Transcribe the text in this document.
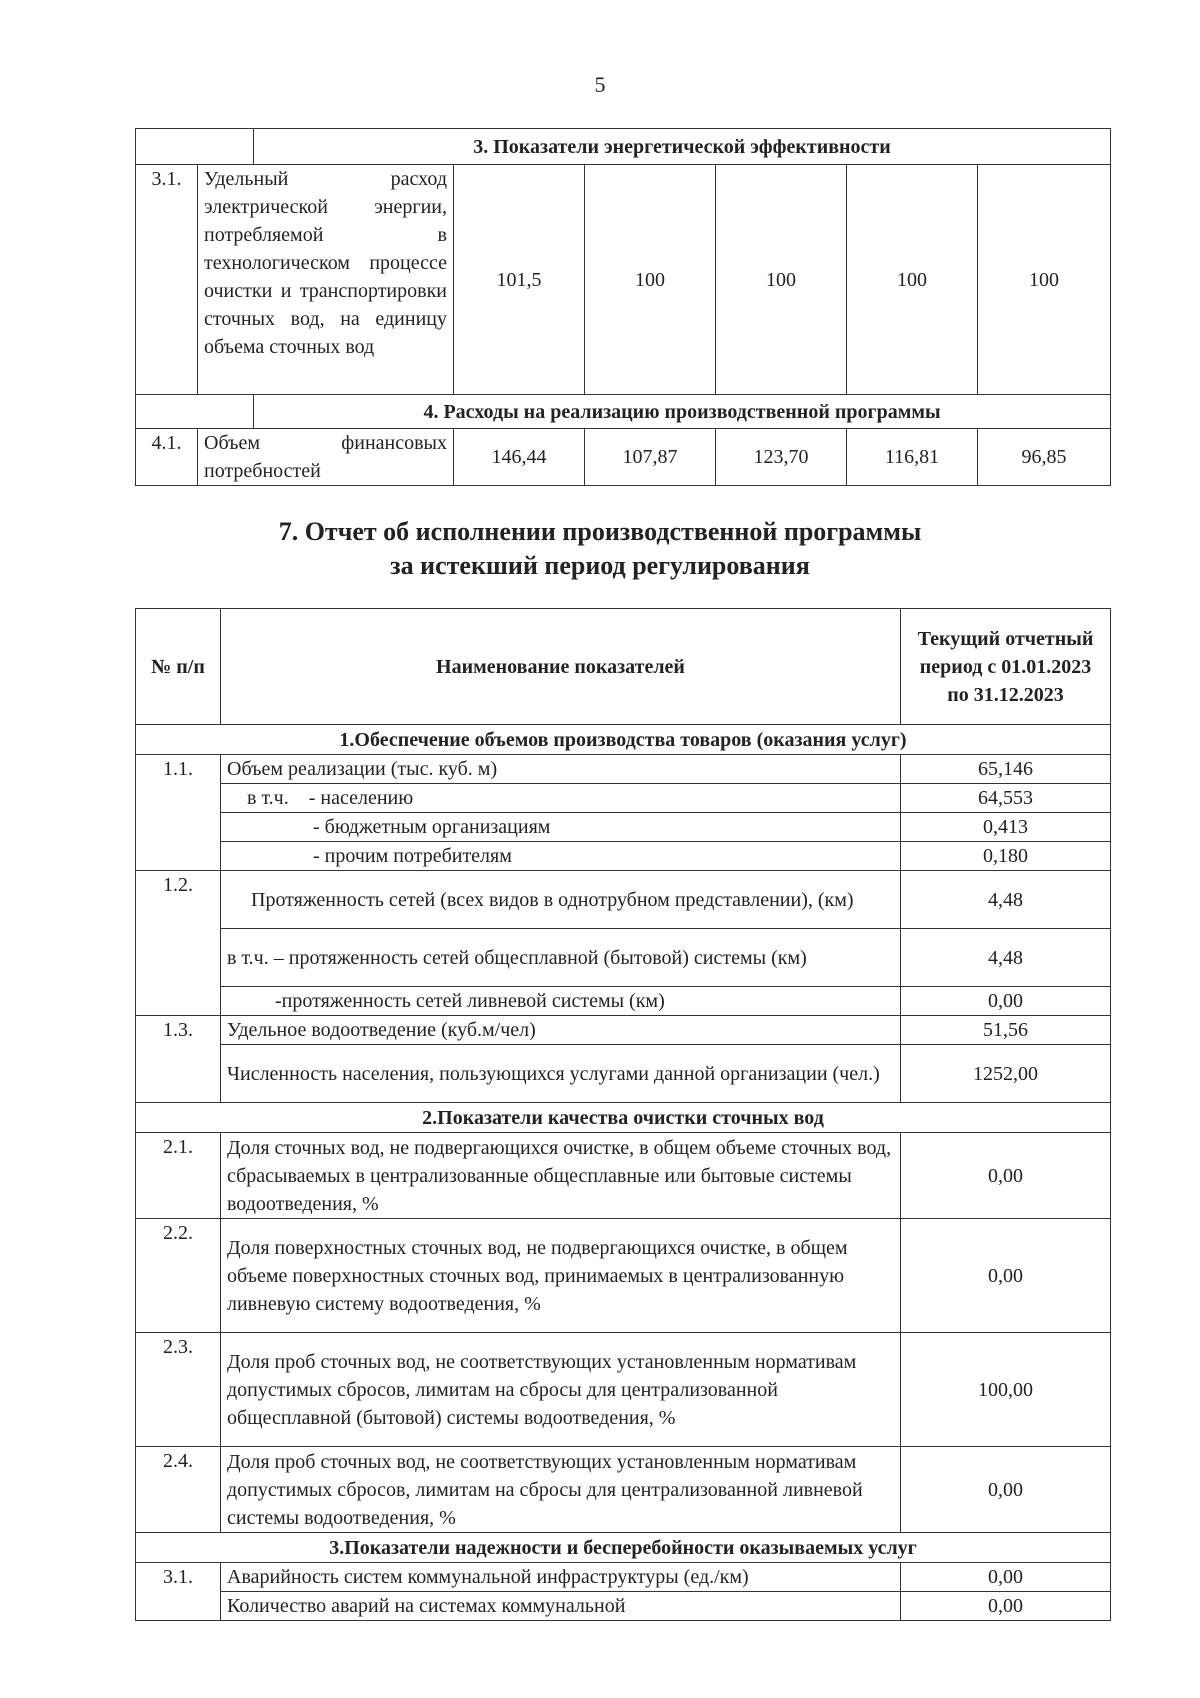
5
		3. Показатели энергетической эффективности					
3.1.	Удельный расход электрической энергии, потребляемой в технологическом процессе очистки и транспортировки сточных вод, на единицу объема сточных вод		101,5	100	100	100	100
		4. Расходы на реализацию производственной программы					
4.1.	Объем финансовых потребностей		146,44	107,87	123,70	116,81	96,85
7. Отчет об исполнении производственной программы
за истекший период регулирования
№ п/п	Наименование показателей	Текущий отчетный период с 01.01.2023 по 31.12.2023
1.Обеспечение объемов производства товаров (оказания услуг)		
1.1.	Объем реализации (тыс. куб. м)	65,146
	в т.ч.    - населению	64,553
	- бюджетным организациям	0,413
	- прочим потребителям	0,180
1.2.	Протяженность сетей (всех видов в однотрубном представлении), (км)	4,48
	в т.ч. – протяженность сетей общесплавной (бытовой) системы (км)	4,48
	-протяженность сетей ливневой системы (км)	0,00
1.3.	Удельное водоотведение (куб.м/чел)	51,56
	Численность населения, пользующихся услугами данной организации (чел.)	1252,00
2.Показатели качества очистки сточных вод		
2.1.	Доля сточных вод, не подвергающихся очистке, в общем объеме сточных вод, сбрасываемых в централизованные общесплавные или бытовые системы водоотведения, %	0,00
2.2.	Доля поверхностных сточных вод, не подвергающихся очистке, в общем объеме поверхностных сточных вод, принимаемых в централизованную ливневую систему водоотведения, %	0,00
2.3.	Доля проб сточных вод, не соответствующих установленным нормативам допустимых сбросов, лимитам на сбросы для централизованной общесплавной (бытовой) системы водоотведения, %	100,00
2.4.	Доля проб сточных вод, не соответствующих установленным нормативам допустимых сбросов, лимитам на сбросы для централизованной ливневой системы водоотведения, %	0,00
3.Показатели надежности и бесперебойности оказываемых услуг		
3.1.	Аварийность систем коммунальной инфраструктуры (ед./км)	0,00
	Количество аварий на системах коммунальной	0,00
